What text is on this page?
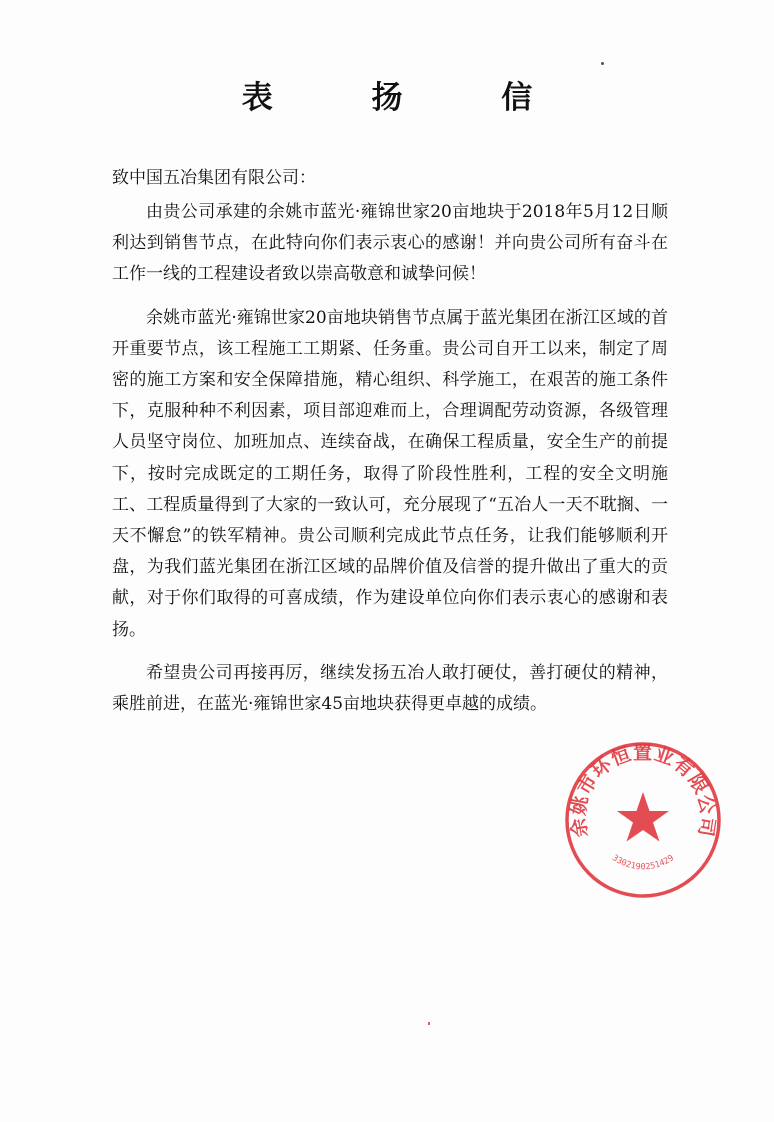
表 扬 信
致中国五冶集团有限公司：

由贵公司承建的余姚市蓝光·雍锦世家20亩地块于2018年5月12日顺利达到销售节点，在此特向你们表示衷心的感谢！并向贵公司所有奋斗在工作一线的工程建设者致以崇高敬意和诚挚问候！

余姚市蓝光·雍锦世家20亩地块销售节点属于蓝光集团在浙江区域的首开重要节点，该工程施工工期紧、任务重。贵公司自开工以来，制定了周密的施工方案和安全保障措施，精心组织、科学施工，在艰苦的施工条件下，克服种种不利因素，项目部迎难而上，合理调配劳动资源，各级管理人员坚守岗位、加班加点、连续奋战，在确保工程质量，安全生产的前提下，按时完成既定的工期任务，取得了阶段性胜利，工程的安全文明施工、工程质量得到了大家的一致认可，充分展现了“五冶人一天不耽搁、一天不懈怠”的铁军精神。贵公司顺利完成此节点任务，让我们能够顺利开盘，为我们蓝光集团在浙江区域的品牌价值及信誉的提升做出了重大的贡献，对于你们取得的可喜成绩，作为建设单位向你们表示衷心的感谢和表扬。

希望贵公司再接再厉，继续发扬五冶人敢打硬仗，善打硬仗的精神，乘胜前进，在蓝光·雍锦世家45亩地块获得更卓越的成绩。

余姚市环恒置业有限公司
3302190251429
